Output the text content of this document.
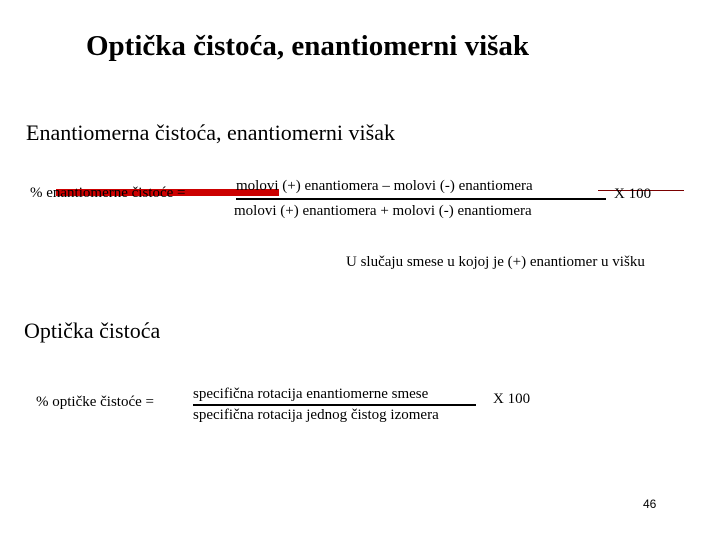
Optička čistoća, enantiomerni višak
Enantiomerna čistoća, enantiomerni višak
% enantiomerne čistoće =	molovi (+) enantiomera – molovi (-) enantiomera
molovi (+) enantiomera + molovi (-) enantiomera
X 100
U slučaju smese u kojoj je (+) enantiomer u višku
Optička čistoća
% optičke čistoće =	specifična rotacija enantiomerne smese
specifična rotacija jednog čistog izomera
X 100
46
